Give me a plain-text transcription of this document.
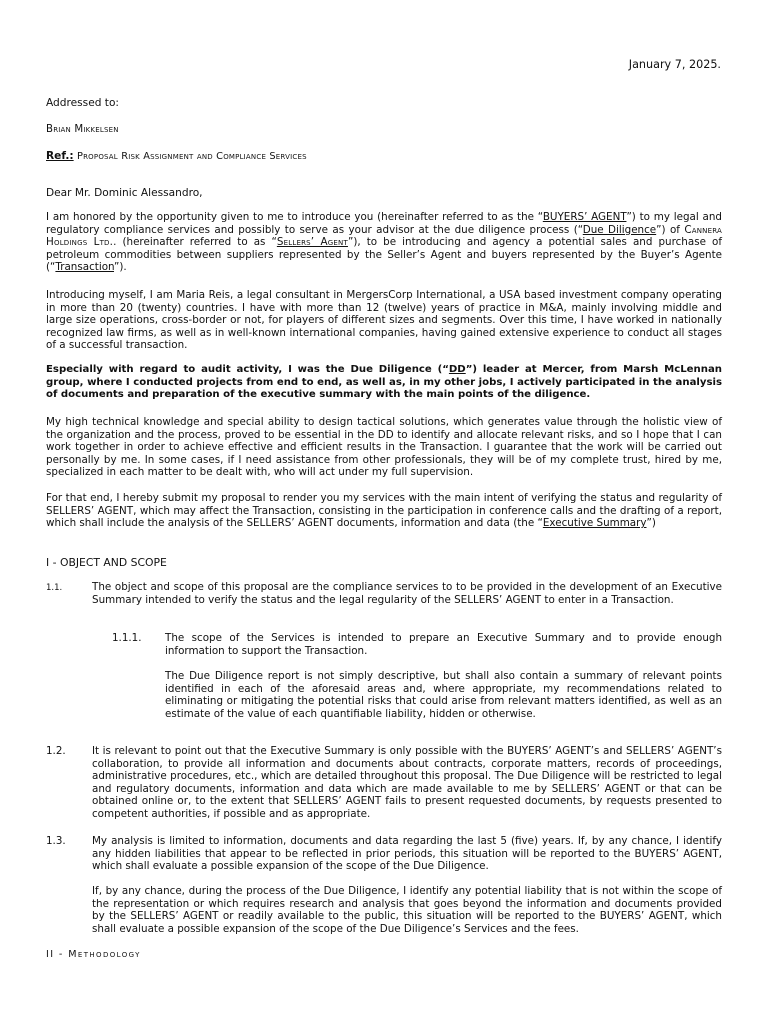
January 7, 2025.
Addressed to:
Brian Mikkelsen
Ref.: Proposal Risk Assignment and Compliance Services
Dear Mr. Dominic Alessandro,
I am honored by the opportunity given to me to introduce you (hereinafter referred to as the “BUYERS’ AGENT”) to my legal and regulatory compliance services and possibly to serve as your advisor at the due diligence process (“Due Diligence”) of Cannera Holdings Ltd.. (hereinafter referred to as “Sellers’ Agent”), to be introducing and agency a potential sales and purchase of petroleum commodities between suppliers represented by the Seller’s Agent and buyers represented by the Buyer’s Agente (“Transaction”).
Introducing myself, I am Maria Reis, a legal consultant in MergersCorp International, a USA based investment company operating in more than 20 (twenty) countries. I have with more than 12 (twelve) years of practice in M&A, mainly involving middle and large size operations, cross-border or not, for players of different sizes and segments. Over this time, I have worked in nationally recognized law firms, as well as in well-known international companies, having gained extensive experience to conduct all stages of a successful transaction.
Especially with regard to audit activity, I was the Due Diligence (“DD”) leader at Mercer, from Marsh McLennan group, where I conducted projects from end to end, as well as, in my other jobs, I actively participated in the analysis of documents and preparation of the executive summary with the main points of the diligence.
My high technical knowledge and special ability to design tactical solutions, which generates value through the holistic view of the organization and the process, proved to be essential in the DD to identify and allocate relevant risks, and so I hope that I can work together in order to achieve effective and efficient results in the Transaction. I guarantee that the work will be carried out personally by me. In some cases, if I need assistance from other professionals, they will be of my complete trust, hired by me, specialized in each matter to be dealt with, who will act under my full supervision.
For that end, I hereby submit my proposal to render you my services with the main intent of verifying the status and regularity of SELLERS’ AGENT, which may affect the Transaction, consisting in the participation in conference calls and the drafting of a report, which shall include the analysis of the SELLERS’ AGENT documents, information and data (the “Executive Summary”)
I - OBJECT AND SCOPE
1.1.	The object and scope of this proposal are the compliance services to to be provided in the development of an Executive Summary intended to verify the status and the legal regularity of the SELLERS’ AGENT to enter in a Transaction.
1.1.1. The scope of the Services is intended to prepare an Executive Summary and to provide enough information to support the Transaction.
The Due Diligence report is not simply descriptive, but shall also contain a summary of relevant points identified in each of the aforesaid areas and, where appropriate, my recommendations related to eliminating or mitigating the potential risks that could arise from relevant matters identified, as well as an estimate of the value of each quantifiable liability, hidden or otherwise.
1.2.	It is relevant to point out that the Executive Summary is only possible with the BUYERS’ AGENT’s and SELLERS’ AGENT’s collaboration, to provide all information and documents about contracts, corporate matters, records of proceedings, administrative procedures, etc., which are detailed throughout this proposal. The Due Diligence will be restricted to legal and regulatory documents, information and data which are made available to me by SELLERS’ AGENT or that can be obtained online or, to the extent that SELLERS’ AGENT fails to present requested documents, by requests presented to competent authorities, if possible and as appropriate.
1.3.	My analysis is limited to information, documents and data regarding the last 5 (five) years. If, by any chance, I identify any hidden liabilities that appear to be reflected in prior periods, this situation will be reported to the BUYERS’ AGENT, which shall evaluate a possible expansion of the scope of the Due Diligence.
If, by any chance, during the process of the Due Diligence, I identify any potential liability that is not within the scope of the representation or which requires research and analysis that goes beyond the information and documents provided by the SELLERS’ AGENT or readily available to the public, this situation will be reported to the BUYERS’ AGENT, which shall evaluate a possible expansion of the scope of the Due Diligence’s Services and the fees.
II - Methodology
